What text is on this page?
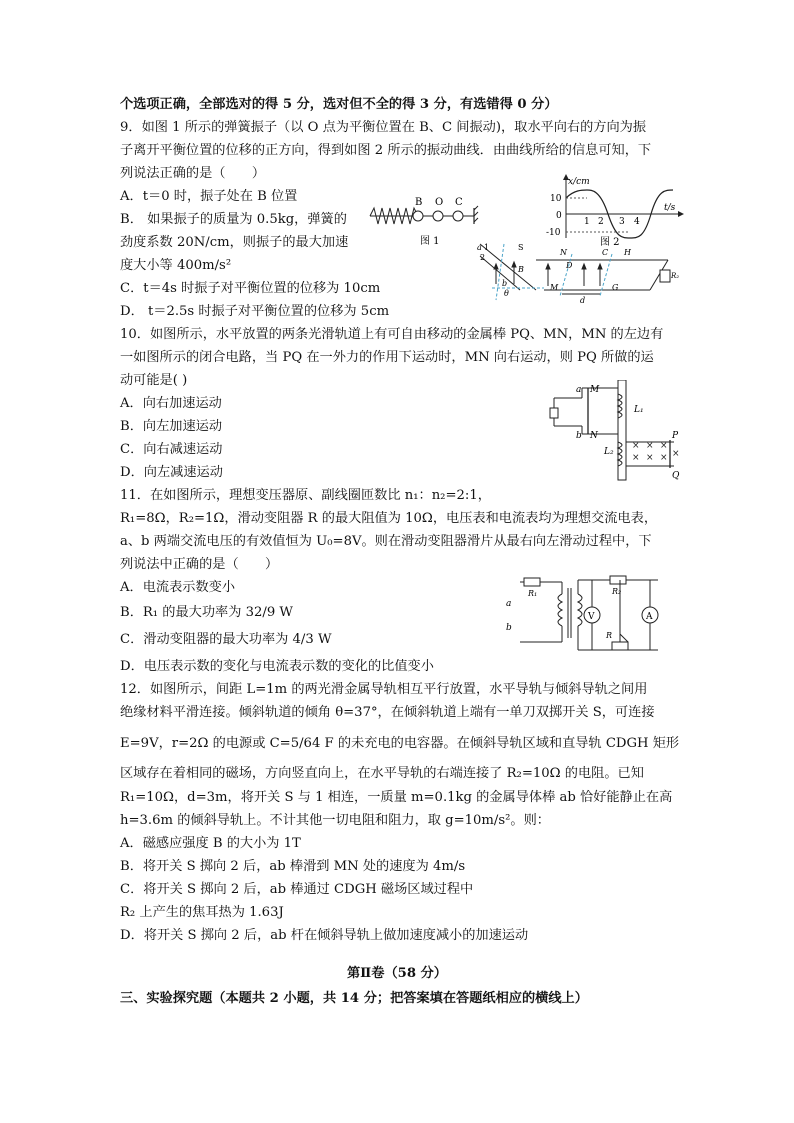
个选项正确，全部选对的得 5 分，选对但不全的得 3 分，有选错得 0 分）
9．如图 1 所示的弹簧振子（以 O 点为平衡位置在 B、C 间振动)，取水平向右的方向为振
子离开平衡位置的位移的正方向，得到如图 2 所示的振动曲线．由曲线所给的信息可知，下
列说法正确的是（　　）
A．t＝0 时，振子处在 B 位置
B． 如果振子的质量为 0.5kg，弹簧的
劲度系数 20N/cm，则振子的最大加速
度大小等 400m/s²
C．t＝4s 时振子对平衡位置的位移为 10cm
D． t＝2.5s 时振子对平衡位置的位移为 5cm
10．如图所示，水平放置的两条光滑轨道上有可自由移动的金属棒 PQ、MN，MN 的左边有
一如图所示的闭合电路，当 PQ 在一外力的作用下运动时，MN 向右运动，则 PQ 所做的运
动可能是( )
A．向右加速运动
B．向左加速运动
C．向右减速运动
D．向左减速运动
11．在如图所示，理想变压器原、副线圈匝数比 n₁：n₂=2:1，
R₁=8Ω，R₂=1Ω，滑动变阻器 R 的最大阻值为 10Ω，电压表和电流表均为理想交流电表，
a、b 两端交流电压的有效值恒为 U₀=8V。则在滑动变阻器滑片从最右向左滑动过程中，下
列说法中正确的是（　　）
A．电流表示数变小
B．R₁ 的最大功率为 32/9 W
C．滑动变阻器的最大功率为 4/3 W
D．电压表示数的变化与电流表示数的变化的比值变小
12．如图所示，间距 L=1m 的两光滑金属导轨相互平行放置，水平导轨与倾斜导轨之间用
绝缘材料平滑连接。倾斜轨道的倾角 θ=37°，在倾斜轨道上端有一单刀双掷开关 S，可连接
E=9V，r=2Ω 的电源或 C=5/64 F 的未充电的电容器。在倾斜导轨区域和直导轨 CDGH 矩形
区域存在着相同的磁场，方向竖直向上，在水平导轨的右端连接了 R₂=10Ω 的电阻。已知
R₁=10Ω，d=3m，将开关 S 与 1 相连，一质量 m=0.1kg 的金属导体棒 ab 恰好能静止在高
h=3.6m 的倾斜导轨上。不计其他一切电阻和阻力，取 g=10m/s²。则：
A．磁感应强度 B 的大小为 1T
B．将开关 S 掷向 2 后，ab 棒滑到 MN 处的速度为 4m/s
C．将开关 S 掷向 2 后，ab 棒通过 CDGH 磁场区域过程中
R₂ 上产生的焦耳热为 1.63J
D．将开关 S 掷向 2 后，ab 杆在倾斜导轨上做加速度减小的加速运动
第Ⅱ卷（58 分）
三、实验探究题（本题共 2 小题，共 14 分；把答案填在答题纸相应的横线上）
B O C
图 1
x/cm
t/s
10
0
-10
1 2 3 4
图 2
a 1
2
S
N
D
C H
b
B
M	G
d
R₂
θ
× × ×
× × × ×
a M
b N
L₁
L₂
P
Q
R₁	R₂
a
b
V	A
R
